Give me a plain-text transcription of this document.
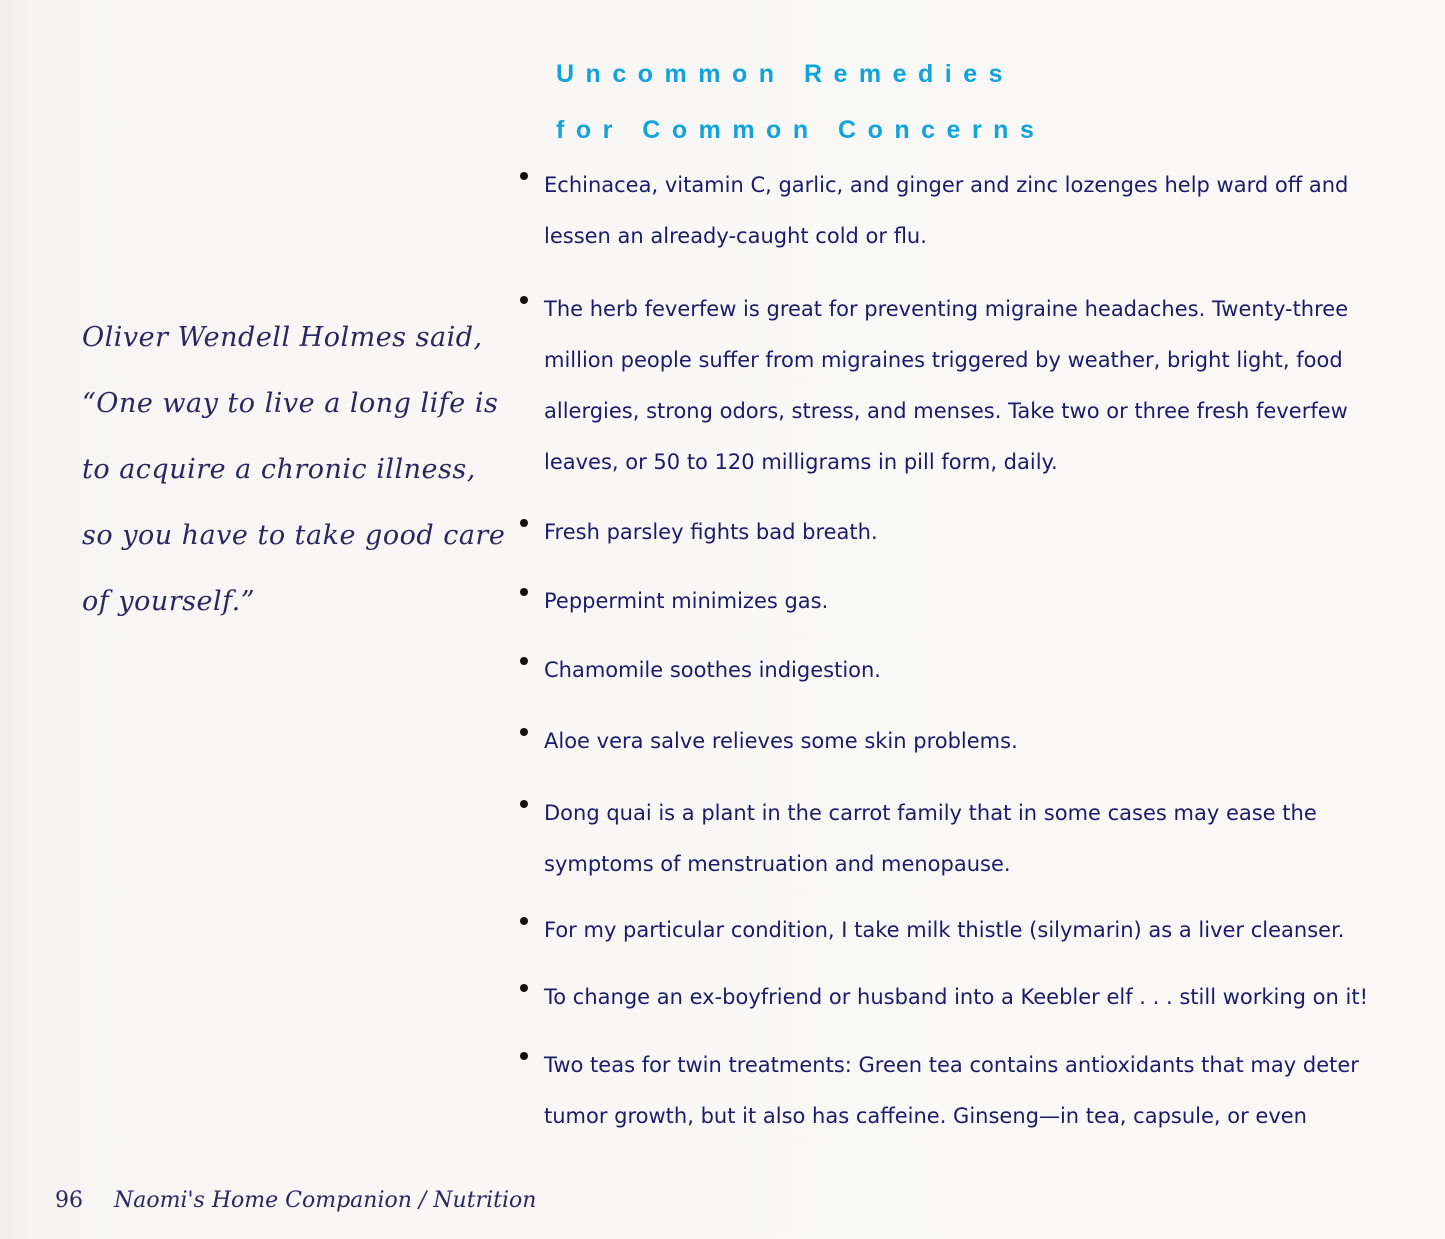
Uncommon Remedies
for Common Concerns
Oliver Wendell Holmes said,
“One way to live a long life is
to acquire a chronic illness,
so you have to take good care
of yourself.”
Echinacea, vitamin C, garlic, and ginger and zinc lozenges help ward off and lessen an already-caught cold or flu.
The herb feverfew is great for preventing migraine headaches. Twenty-three million people suffer from migraines triggered by weather, bright light, food allergies, strong odors, stress, and menses. Take two or three fresh feverfew leaves, or 50 to 120 milligrams in pill form, daily.
Fresh parsley fights bad breath.
Peppermint minimizes gas.
Chamomile soothes indigestion.
Aloe vera salve relieves some skin problems.
Dong quai is a plant in the carrot family that in some cases may ease the symptoms of menstruation and menopause.
For my particular condition, I take milk thistle (silymarin) as a liver cleanser.
To change an ex-boyfriend or husband into a Keebler elf . . . still working on it!
Two teas for twin treatments: Green tea contains antioxidants that may deter tumor growth, but it also has caffeine. Ginseng—in tea, capsule, or even
96 Naomi's Home Companion / Nutrition
